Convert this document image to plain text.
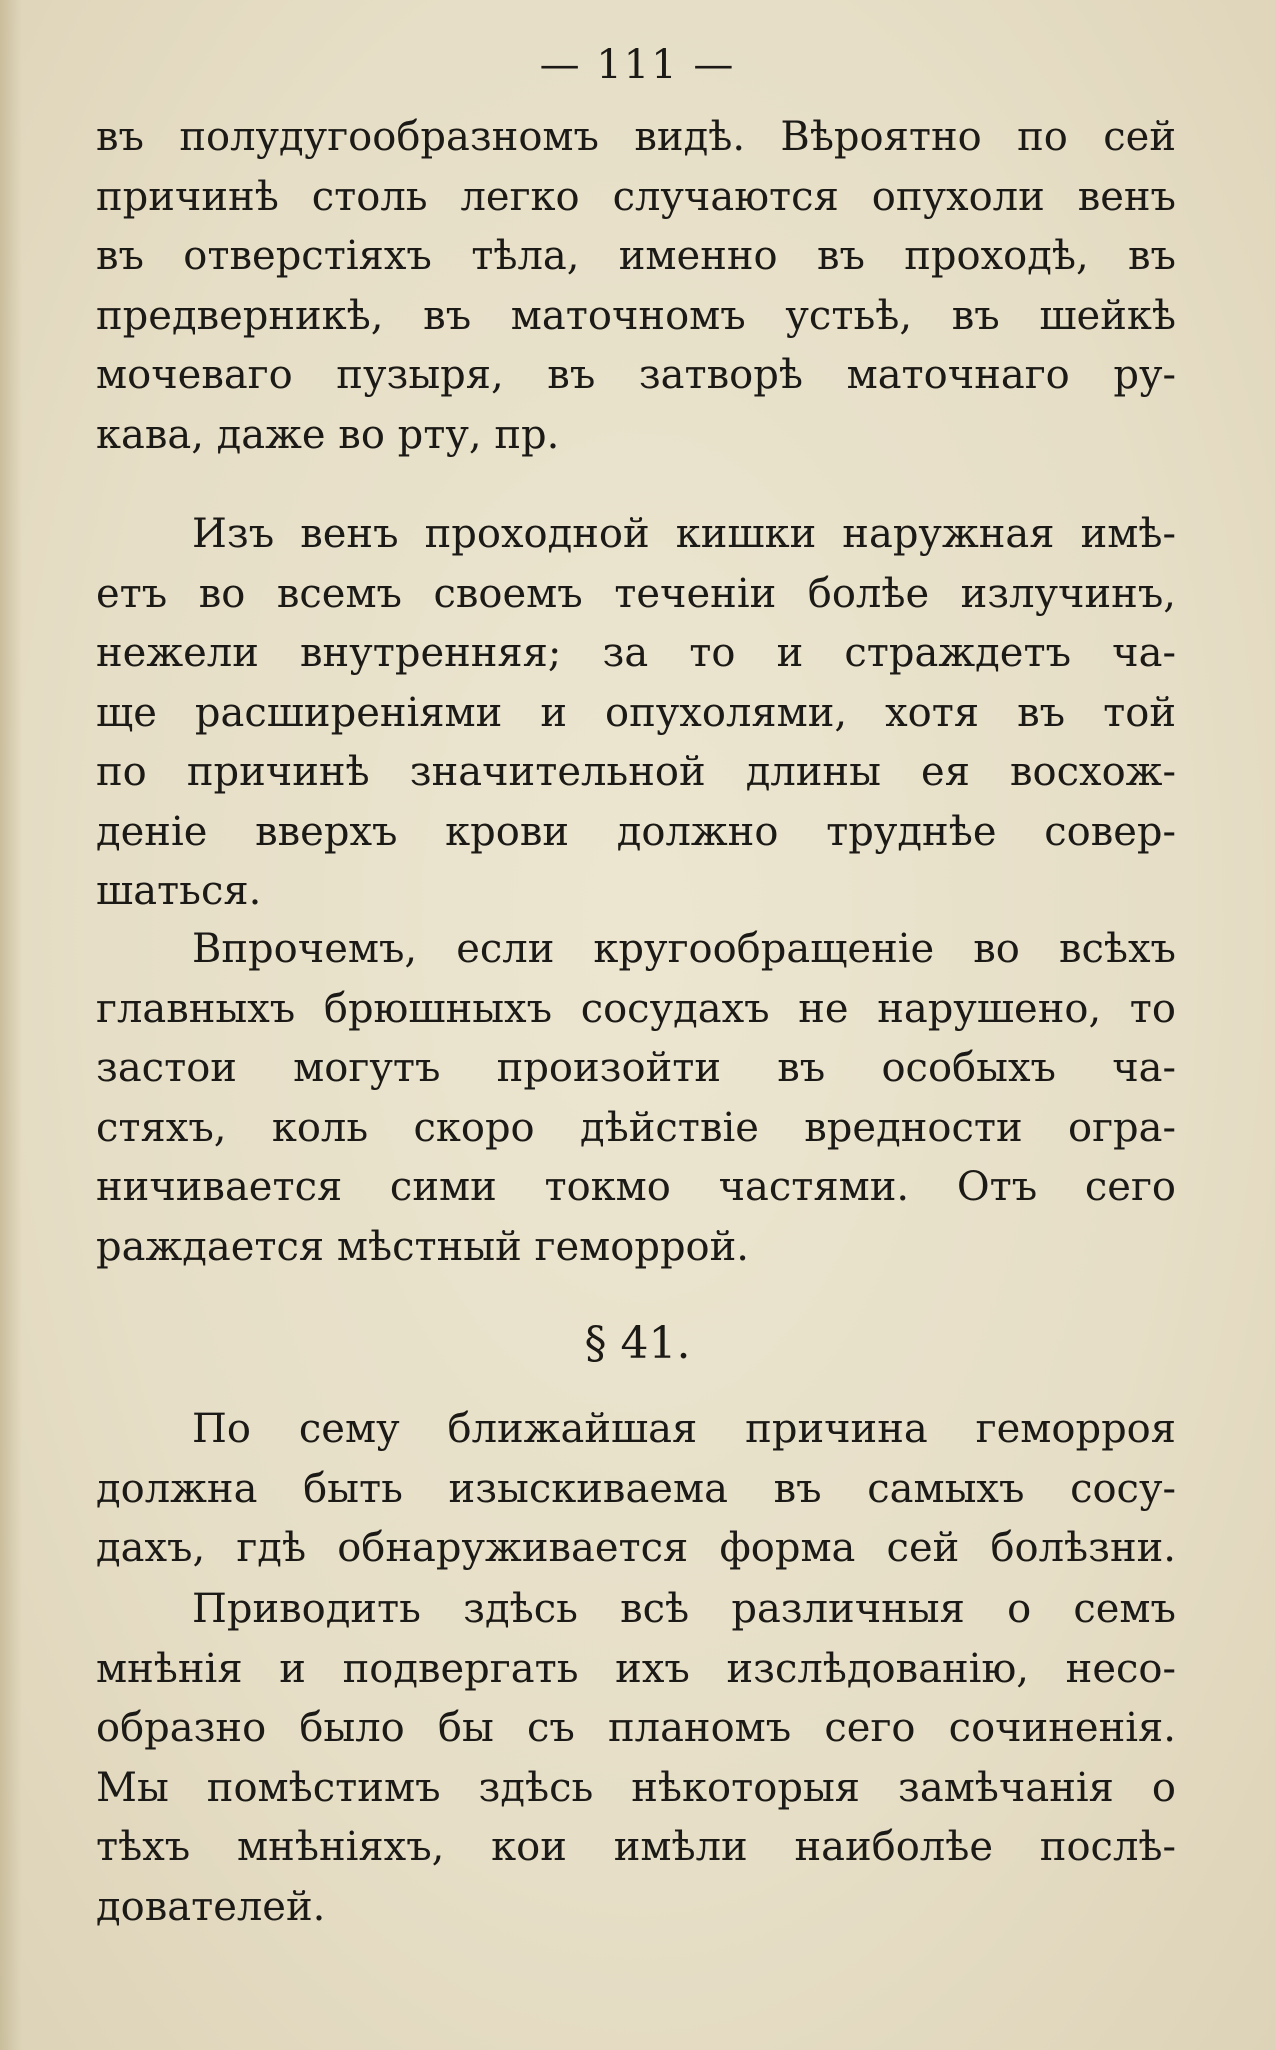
— 111 —
въ полудугообразномъ видѣ. Вѣроятно по сей
причинѣ столь легко случаются опухоли венъ
въ отверстіяхъ тѣла, именно въ проходѣ, въ
предверникѣ, въ маточномъ устьѣ, въ шейкѣ
мочеваго пузыря, въ затворѣ маточнаго ру-
кава, даже во рту, пр.
Изъ венъ проходной кишки наружная имѣ-
етъ во всемъ своемъ теченіи болѣе излучинъ,
нежели внутренняя; за то и страждетъ ча-
ще расширеніями и опухолями, хотя въ той
по причинѣ значительной длины ея восхож-
деніе вверхъ крови должно труднѣе совер-
шаться.
Впрочемъ, если кругообращеніе во всѣхъ
главныхъ брюшныхъ сосудахъ не нарушено, то
застои могутъ произойти въ особыхъ ча-
стяхъ, коль скоро дѣйствіе вредности огра-
ничивается сими токмо частями. Отъ сего
раждается мѣстный геморрой.
§ 41.
По сему ближайшая причина геморроя
должна быть изыскиваема въ самыхъ сосу-
дахъ, гдѣ обнаруживается форма сей болѣзни.
Приводить здѣсь всѣ различныя о семъ
мнѣнія и подвергать ихъ изслѣдованію, несо-
образно было бы съ планомъ сего сочиненія.
Мы помѣстимъ здѣсь нѣкоторыя замѣчанія о
тѣхъ мнѣніяхъ, кои имѣли наиболѣе послѣ-
дователей.
